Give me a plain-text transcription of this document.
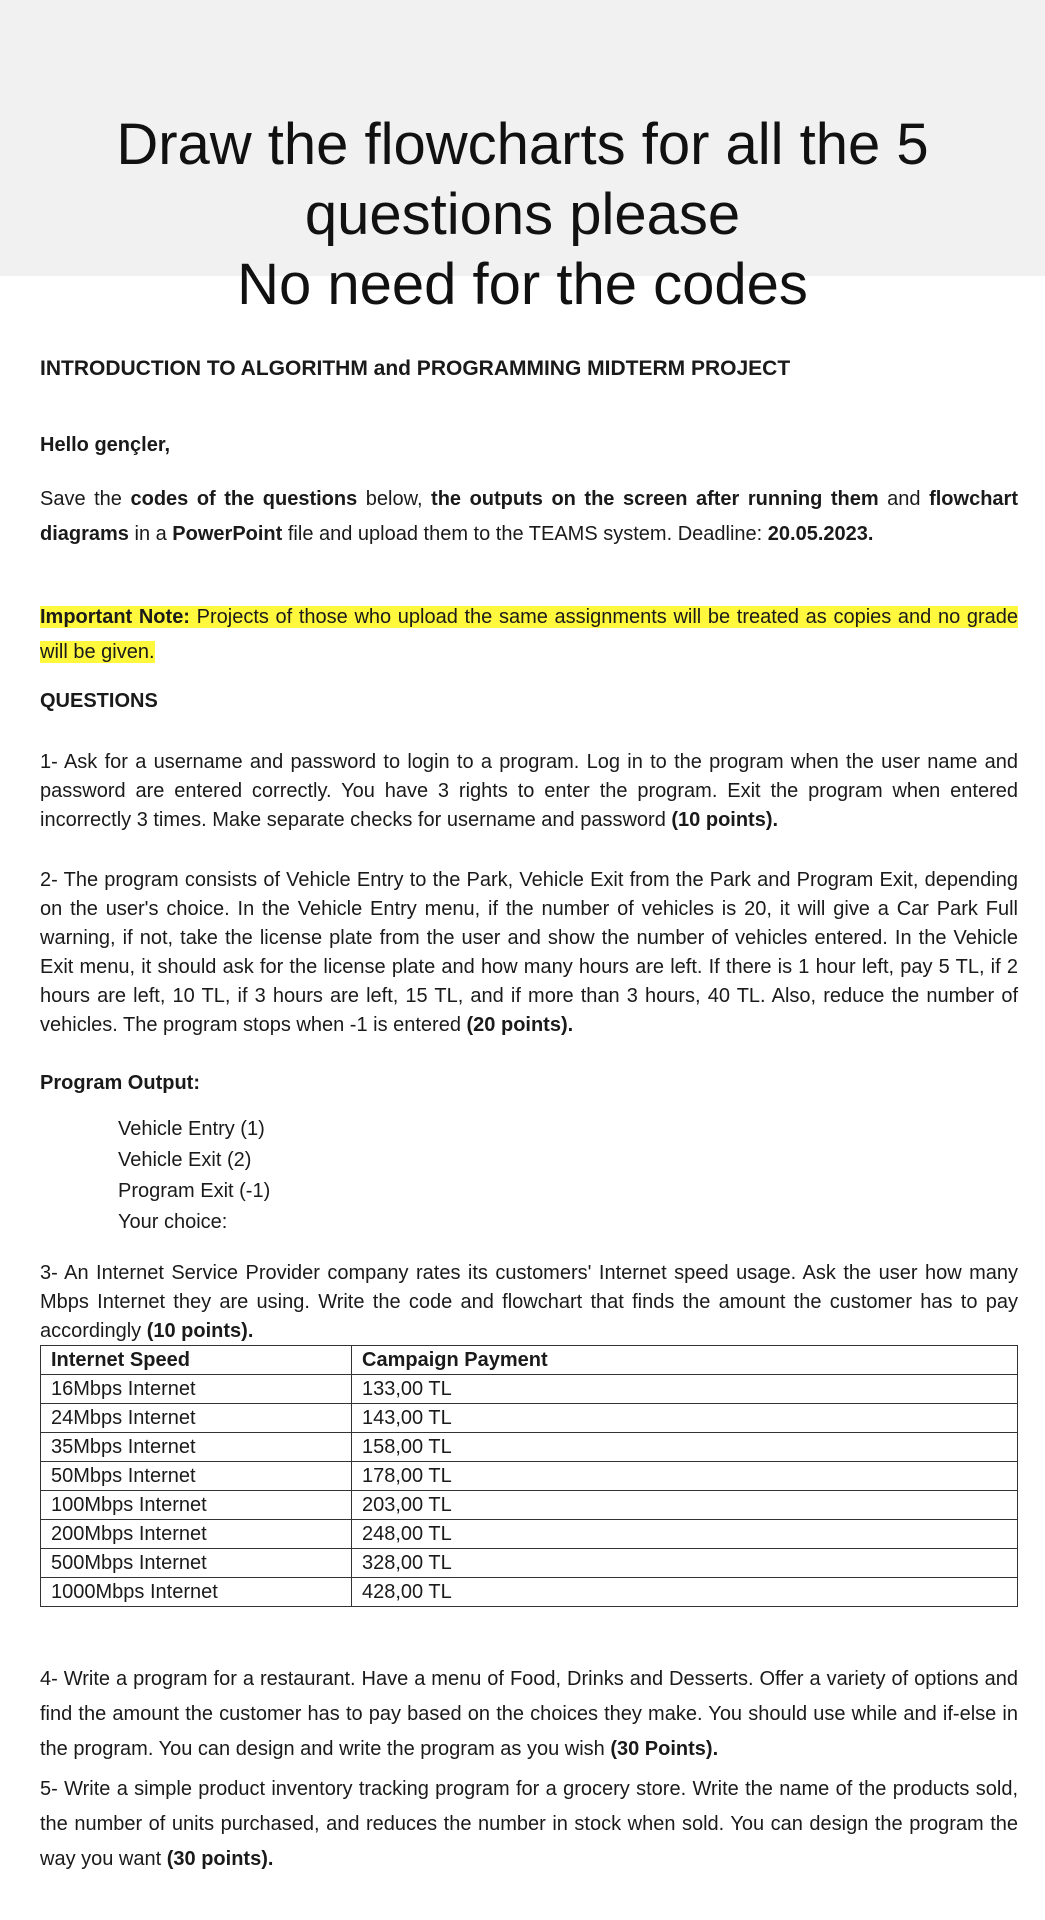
Draw the flowcharts for all the 5
questions please
No need for the codes
INTRODUCTION TO ALGORITHM and PROGRAMMING MIDTERM PROJECT
Hello gençler,

Save the codes of the questions below, the outputs on the screen after running them and flowchart diagrams in a PowerPoint file and upload them to the TEAMS system. Deadline: 20.05.2023.

Important Note: Projects of those who upload the same assignments will be treated as copies and no grade will be given.

QUESTIONS

1- Ask for a username and password to login to a program. Log in to the program when the user name and password are entered correctly. You have 3 rights to enter the program. Exit the program when entered incorrectly 3 times. Make separate checks for username and password (10 points).

2- The program consists of Vehicle Entry to the Park, Vehicle Exit from the Park and Program Exit, depending on the user's choice. In the Vehicle Entry menu, if the number of vehicles is 20, it will give a Car Park Full warning, if not, take the license plate from the user and show the number of vehicles entered. In the Vehicle Exit menu, it should ask for the license plate and how many hours are left. If there is 1 hour left, pay 5 TL, if 2 hours are left, 10 TL, if 3 hours are left, 15 TL, and if more than 3 hours, 40 TL. Also, reduce the number of vehicles. The program stops when -1 is entered (20 points).

Program Output:
Vehicle Entry (1)
Vehicle Exit (2)
Program Exit (-1)
Your choice:

3- An Internet Service Provider company rates its customers' Internet speed usage. Ask the user how many Mbps Internet they are using. Write the code and flowchart that finds the amount the customer has to pay accordingly (10 points).

Internet Speed	Campaign Payment
16Mbps Internet	133,00 TL
24Mbps Internet	143,00 TL
35Mbps Internet	158,00 TL
50Mbps Internet	178,00 TL
100Mbps Internet	203,00 TL
200Mbps Internet	248,00 TL
500Mbps Internet	328,00 TL
1000Mbps Internet	428,00 TL

4- Write a program for a restaurant. Have a menu of Food, Drinks and Desserts. Offer a variety of options and find the amount the customer has to pay based on the choices they make. You should use while and if-else in the program. You can design and write the program as you wish (30 Points).

5- Write a simple product inventory tracking program for a grocery store. Write the name of the products sold, the number of units purchased, and reduces the number in stock when sold. You can design the program the way you want (30 points).
